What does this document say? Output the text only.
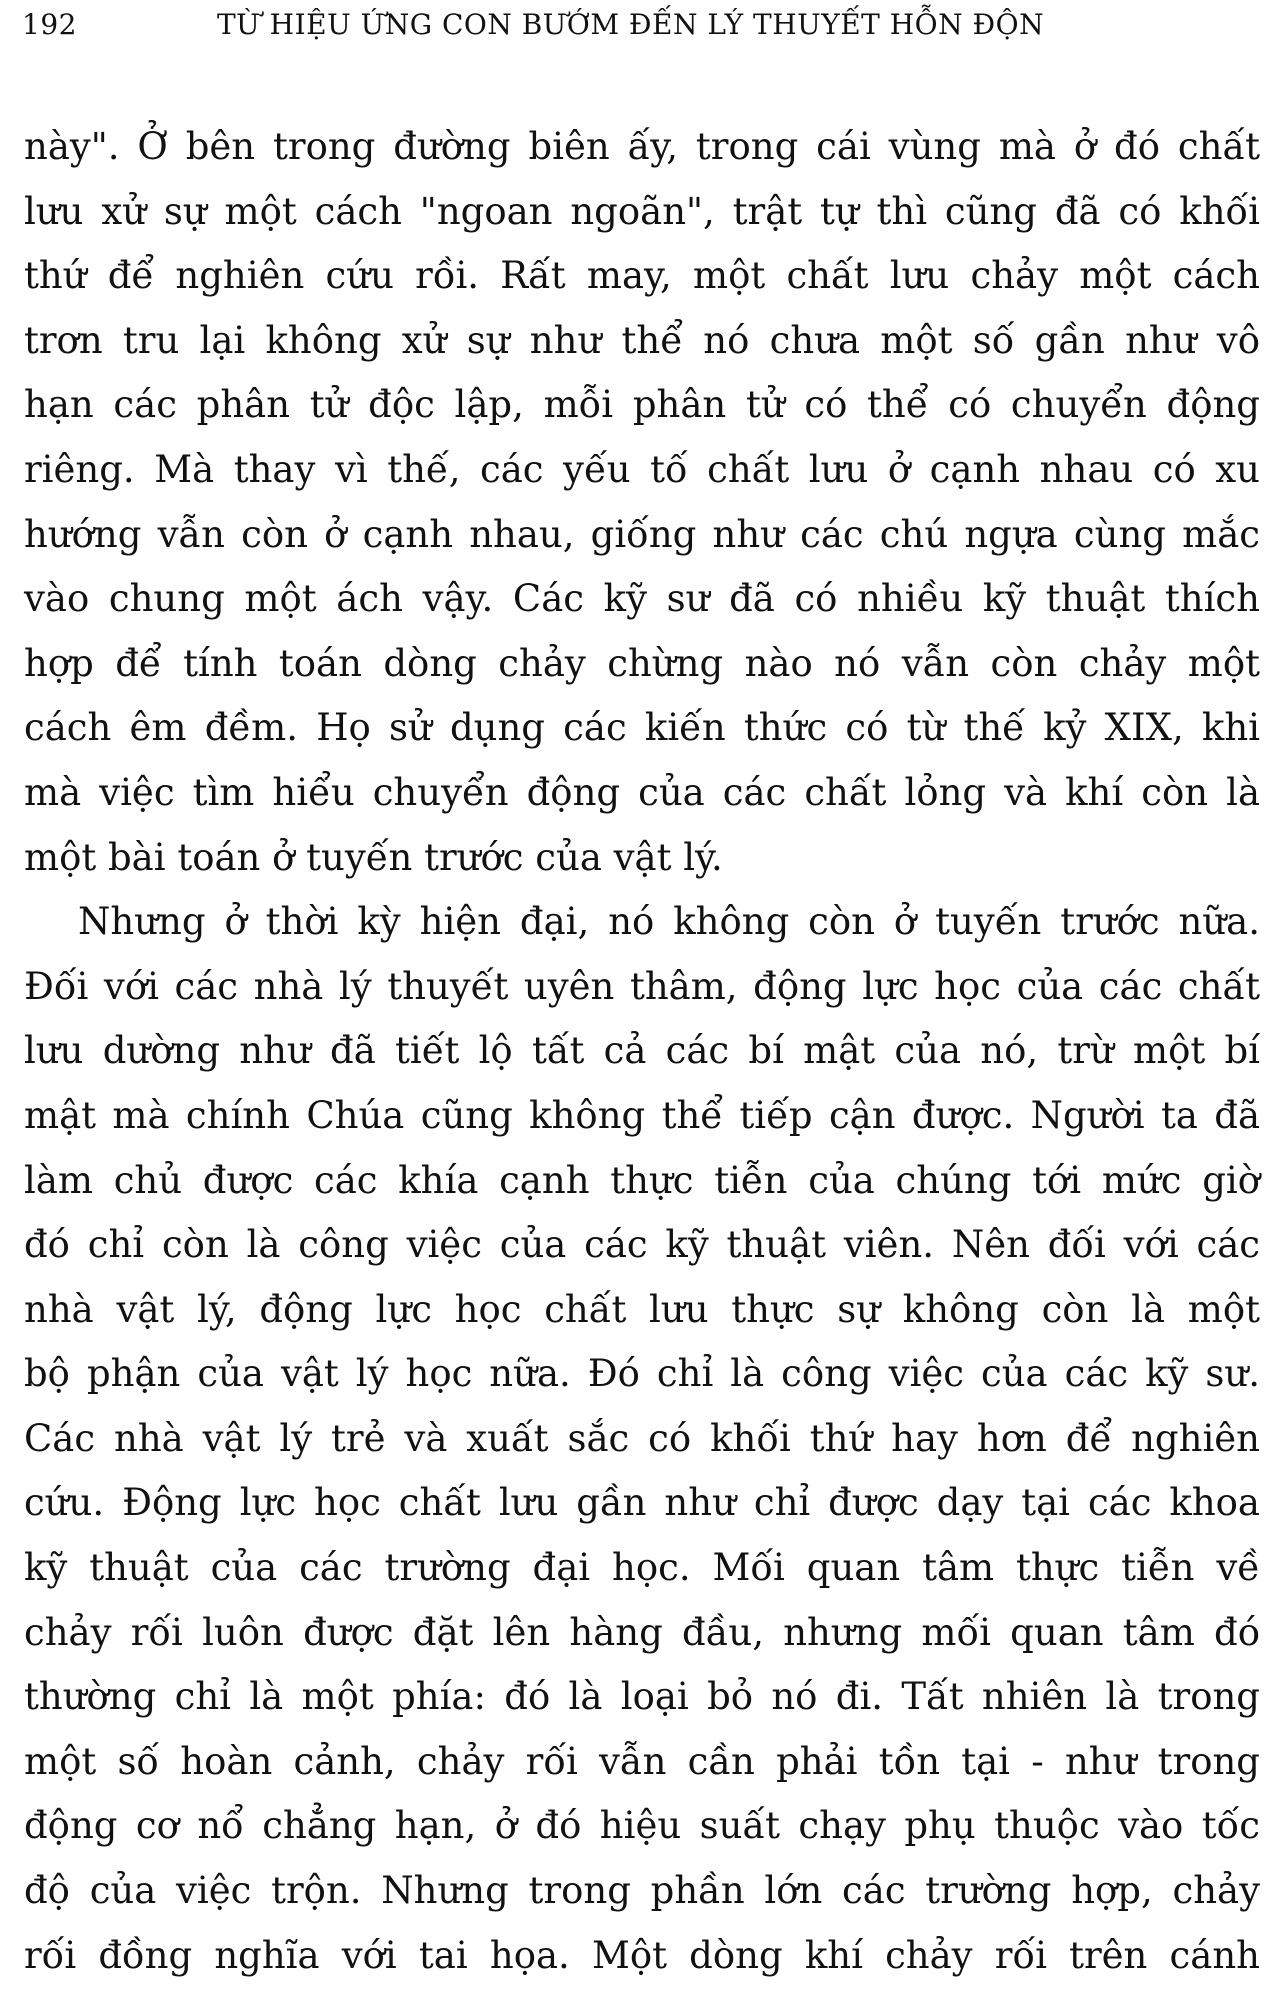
192	TỪ HIỆU ỨNG CON BƯỚM ĐẾN LÝ THUYẾT HỖN ĐỘN
này". Ở bên trong đường biên ấy, trong cái vùng mà ở đó chất
lưu xử sự một cách "ngoan ngoãn", trật tự thì cũng đã có khối
thứ để nghiên cứu rồi. Rất may, một chất lưu chảy một cách
trơn tru lại không xử sự như thể nó chưa một số gần như vô
hạn các phân tử độc lập, mỗi phân tử có thể có chuyển động
riêng. Mà thay vì thế, các yếu tố chất lưu ở cạnh nhau có xu
hướng vẫn còn ở cạnh nhau, giống như các chú ngựa cùng mắc
vào chung một ách vậy. Các kỹ sư đã có nhiều kỹ thuật thích
hợp để tính toán dòng chảy chừng nào nó vẫn còn chảy một
cách êm đềm. Họ sử dụng các kiến thức có từ thế kỷ XIX, khi
mà việc tìm hiểu chuyển động của các chất lỏng và khí còn là
một bài toán ở tuyến trước của vật lý.
Nhưng ở thời kỳ hiện đại, nó không còn ở tuyến trước nữa.
Đối với các nhà lý thuyết uyên thâm, động lực học của các chất
lưu dường như đã tiết lộ tất cả các bí mật của nó, trừ một bí
mật mà chính Chúa cũng không thể tiếp cận được. Người ta đã
làm chủ được các khía cạnh thực tiễn của chúng tới mức giờ
đó chỉ còn là công việc của các kỹ thuật viên. Nên đối với các
nhà vật lý, động lực học chất lưu thực sự không còn là một
bộ phận của vật lý học nữa. Đó chỉ là công việc của các kỹ sư.
Các nhà vật lý trẻ và xuất sắc có khối thứ hay hơn để nghiên
cứu. Động lực học chất lưu gần như chỉ được dạy tại các khoa
kỹ thuật của các trường đại học. Mối quan tâm thực tiễn về
chảy rối luôn được đặt lên hàng đầu, nhưng mối quan tâm đó
thường chỉ là một phía: đó là loại bỏ nó đi. Tất nhiên là trong
một số hoàn cảnh, chảy rối vẫn cần phải tồn tại - như trong
động cơ nổ chẳng hạn, ở đó hiệu suất chạy phụ thuộc vào tốc
độ của việc trộn. Nhưng trong phần lớn các trường hợp, chảy
rối đồng nghĩa với tai họa. Một dòng khí chảy rối trên cánh
